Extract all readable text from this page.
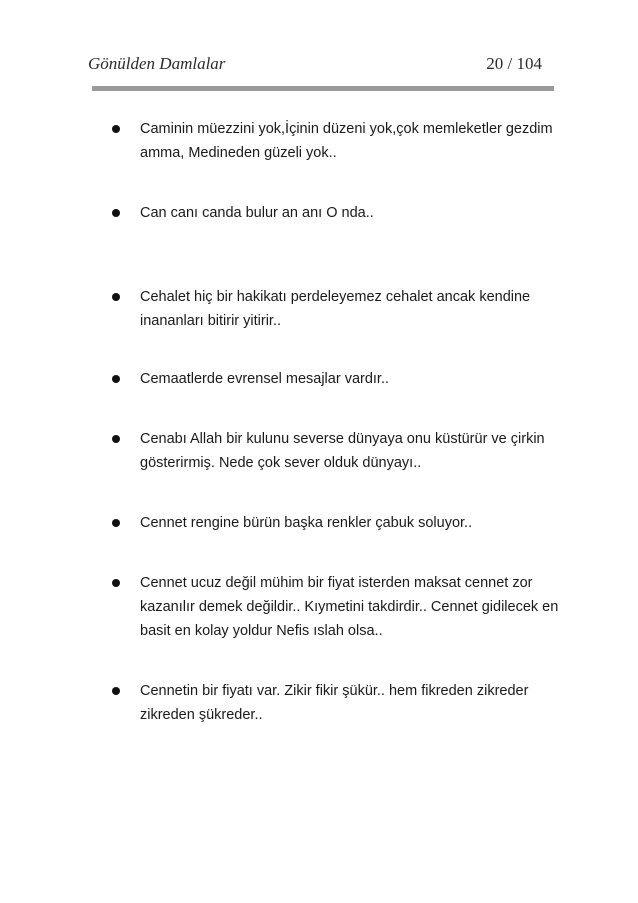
Gönülden Damlalar	20 / 104
Caminin müezzini yok,İçinin düzeni yok,çok memleketler gezdim amma, Medineden güzeli yok..
Can canı canda bulur an anı O nda..
Cehalet hiç bir hakikatı perdeleyemez cehalet ancak kendine inananları bitirir yitirir..
Cemaatlerde evrensel mesajlar vardır..
Cenabı Allah bir kulunu severse dünyaya onu küstürür ve çirkin gösterirmiş. Nede çok sever olduk dünyayı..
Cennet rengine bürün başka renkler çabuk soluyor..
Cennet ucuz değil mühim bir fiyat isterden maksat cennet zor kazanılır demek değildir.. Kıymetini takdirdir.. Cennet gidilecek en basit en kolay yoldur Nefis ıslah olsa..
Cennetin bir fiyatı var. Zikir fikir şükür.. hem fikreden zikreder zikreden şükreder..
